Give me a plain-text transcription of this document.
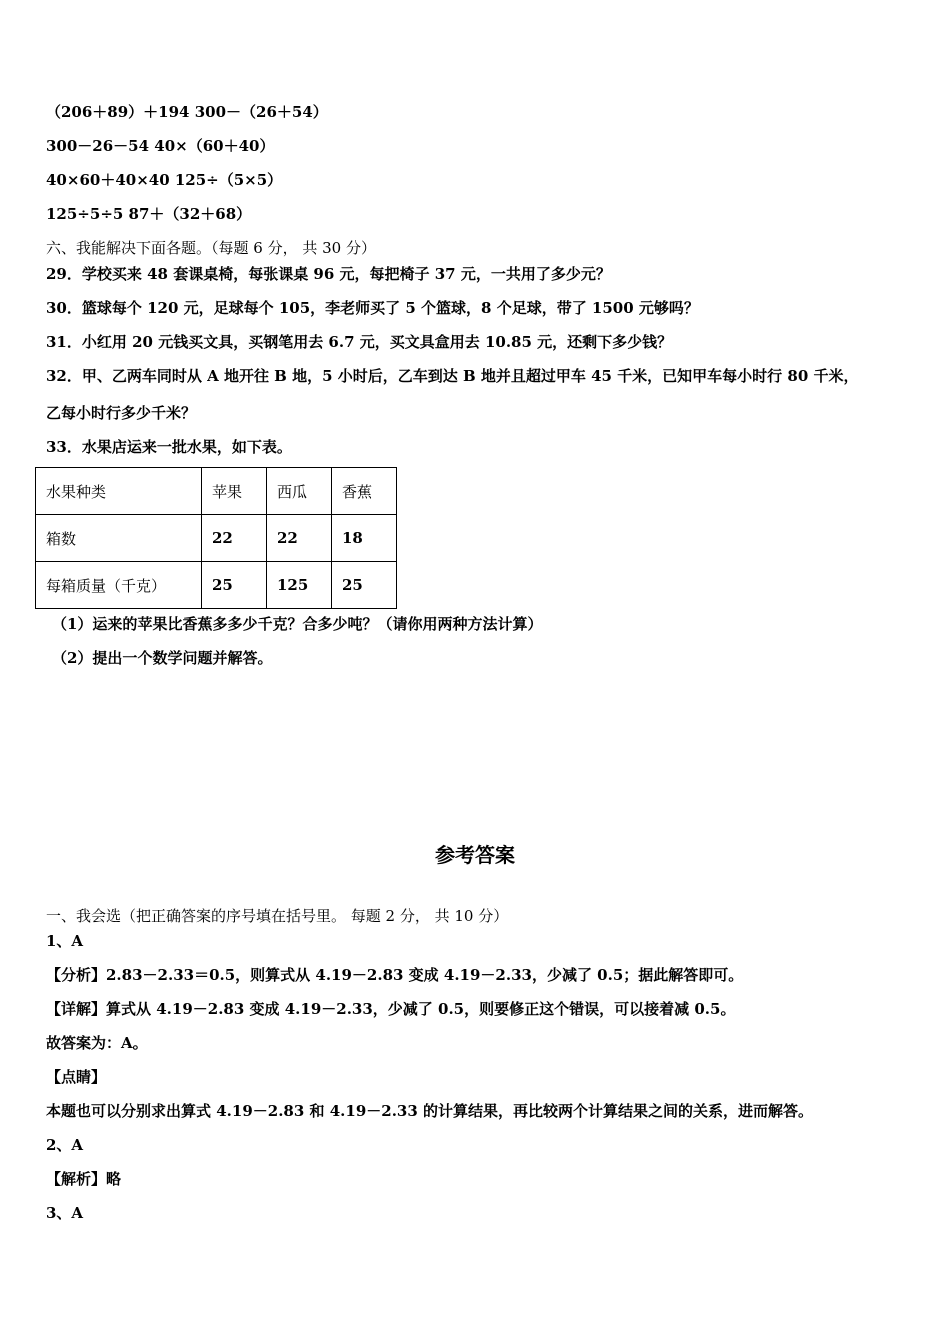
（206＋89）＋194 300－（26＋54）
300－26－54 40×（60＋40）
40×60＋40×40 125÷（5×5）
125÷5÷5 87＋（32＋68）
六、我能解决下面各题。（每题 6 分， 共 30 分）
29．学校买来 48 套课桌椅，每张课桌 96 元，每把椅子 37 元，一共用了多少元？
30．篮球每个 120 元，足球每个 105，李老师买了 5 个篮球，8 个足球，带了 1500 元够吗？
31．小红用 20 元钱买文具，买钢笔用去 6.7 元，买文具盒用去 10.85 元，还剩下多少钱？
32．甲、乙两车同时从 A 地开往 B 地，5 小时后，乙车到达 B 地并且超过甲车 45 千米，已知甲车每小时行 80 千米，
乙每小时行多少千米？
33．水果店运来一批水果，如下表。
水果种类	苹果	西瓜	香蕉
箱数	22	22	18
每箱质量（千克）	25	125	25
（1）运来的苹果比香蕉多多少千克？合多少吨？（请你用两种方法计算）
（2）提出一个数学问题并解答。
参考答案
一、我会选（把正确答案的序号填在括号里。 每题 2 分， 共 10 分）
1、A
【分析】2.83－2.33＝0.5，则算式从 4.19－2.83 变成 4.19－2.33，少减了 0.5；据此解答即可。
【详解】算式从 4.19－2.83 变成 4.19－2.33，少减了 0.5，则要修正这个错误，可以接着减 0.5。
故答案为：A。
【点睛】
本题也可以分别求出算式 4.19－2.83 和 4.19－2.33 的计算结果，再比较两个计算结果之间的关系，进而解答。
2、A
【解析】略
3、A
